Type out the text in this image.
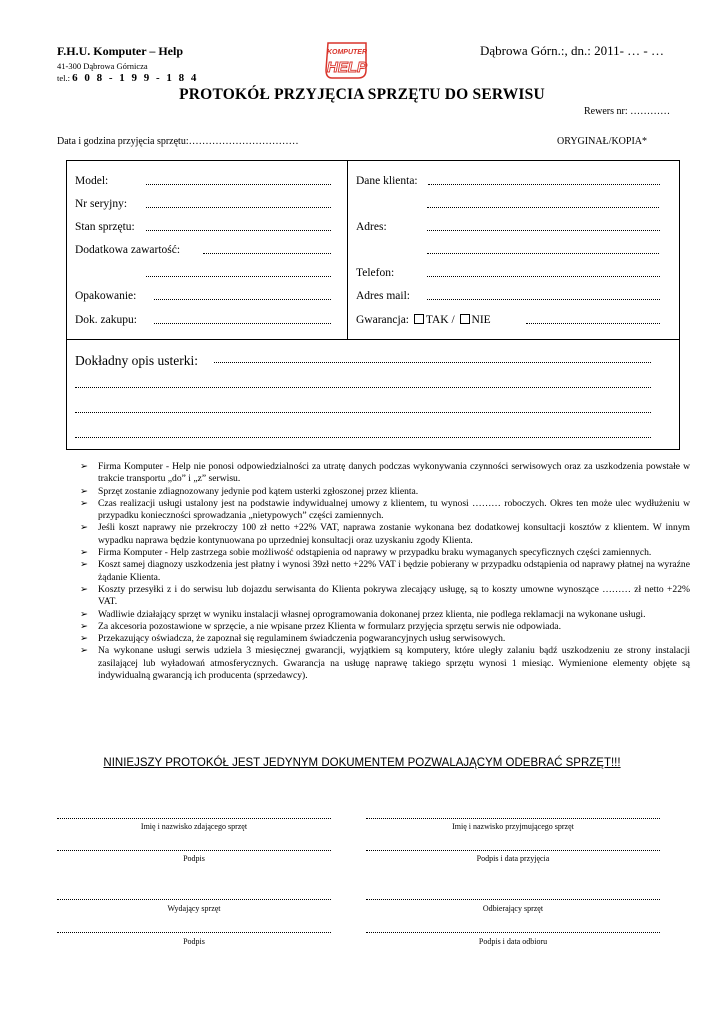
F.H.U. Komputer – Help
41-300 Dąbrowa Górnicza
tel.: 6 0 8 - 1 9 9 - 1 8 4
KOMPUTER
HELP
Dąbrowa Górn.:, dn.: 2011- … - …
PROTOKÓŁ PRZYJĘCIA SPRZĘTU DO SERWISU
Rewers nr: …………
Data i godzina przyjęcia sprzętu:……………………………	ORYGINAŁ/KOPIA*
Model:
Nr seryjny:
Stan sprzętu:
Dodatkowa zawartość:
Opakowanie:
Dok. zakupu:
Dane klienta:
Adres:
Telefon:
Adres mail:
Gwarancja: TAK / NIE
Dokładny opis usterki:
➢ Firma Komputer - Help nie ponosi odpowiedzialności za utratę danych podczas wykonywania czynności serwisowych oraz za uszkodzenia powstałe w trakcie transportu „do” i „z” serwisu.
➢ Sprzęt zostanie zdiagnozowany jedynie pod kątem usterki zgłoszonej przez klienta.
➢ Czas realizacji usługi ustalony jest na podstawie indywidualnej umowy z klientem, tu wynosi ……… roboczych. Okres ten może ulec wydłużeniu w przypadku konieczności sprowadzania „nietypowych” części zamiennych.
➢ Jeśli koszt naprawy nie przekroczy 100 zł netto +22% VAT, naprawa zostanie wykonana bez dodatkowej konsultacji kosztów z klientem. W innym wypadku naprawa będzie kontynuowana po uprzedniej konsultacji oraz uzyskaniu zgody Klienta.
➢ Firma Komputer - Help zastrzega sobie możliwość odstąpienia od naprawy w przypadku braku wymaganych specyficznych części zamiennych.
➢ Koszt samej diagnozy uszkodzenia jest płatny i wynosi 39zł netto +22% VAT i będzie pobierany w przypadku odstąpienia od naprawy płatnej na wyraźne żądanie Klienta.
➢ Koszty przesyłki z i do serwisu lub dojazdu serwisanta do Klienta pokrywa zlecający usługę, są to koszty umowne wynoszące ……… zł netto +22% VAT.
➢ Wadliwie działający sprzęt w wyniku instalacji własnej oprogramowania dokonanej przez klienta, nie podlega reklamacji na wykonane usługi.
➢ Za akcesoria pozostawione w sprzęcie, a nie wpisane przez Klienta w formularz przyjęcia sprzętu serwis nie odpowiada.
➢ Przekazujący oświadcza, że zapoznał się regulaminem świadczenia pogwarancyjnych usług serwisowych.
➢ Na wykonane usługi serwis udziela 3 miesięcznej gwarancji, wyjątkiem są komputery, które uległy zalaniu bądź uszkodzeniu ze strony instalacji zasilającej lub wyładowań atmosferycznych. Gwarancja na usługę naprawę takiego sprzętu wynosi 1 miesiąc. Wymienione elementy objęte są indywidualną gwarancją ich producenta (sprzedawcy).
NINIEJSZY PROTOKÓŁ JEST JEDYNYM DOKUMENTEM POZWALAJĄCYM ODEBRAĆ SPRZĘT!!!
Imię i nazwisko zdającego sprzęt	Imię i nazwisko przyjmującego sprzęt
Podpis	Podpis i data przyjęcia
Wydający sprzęt	Odbierający sprzęt
Podpis	Podpis i data odbioru
